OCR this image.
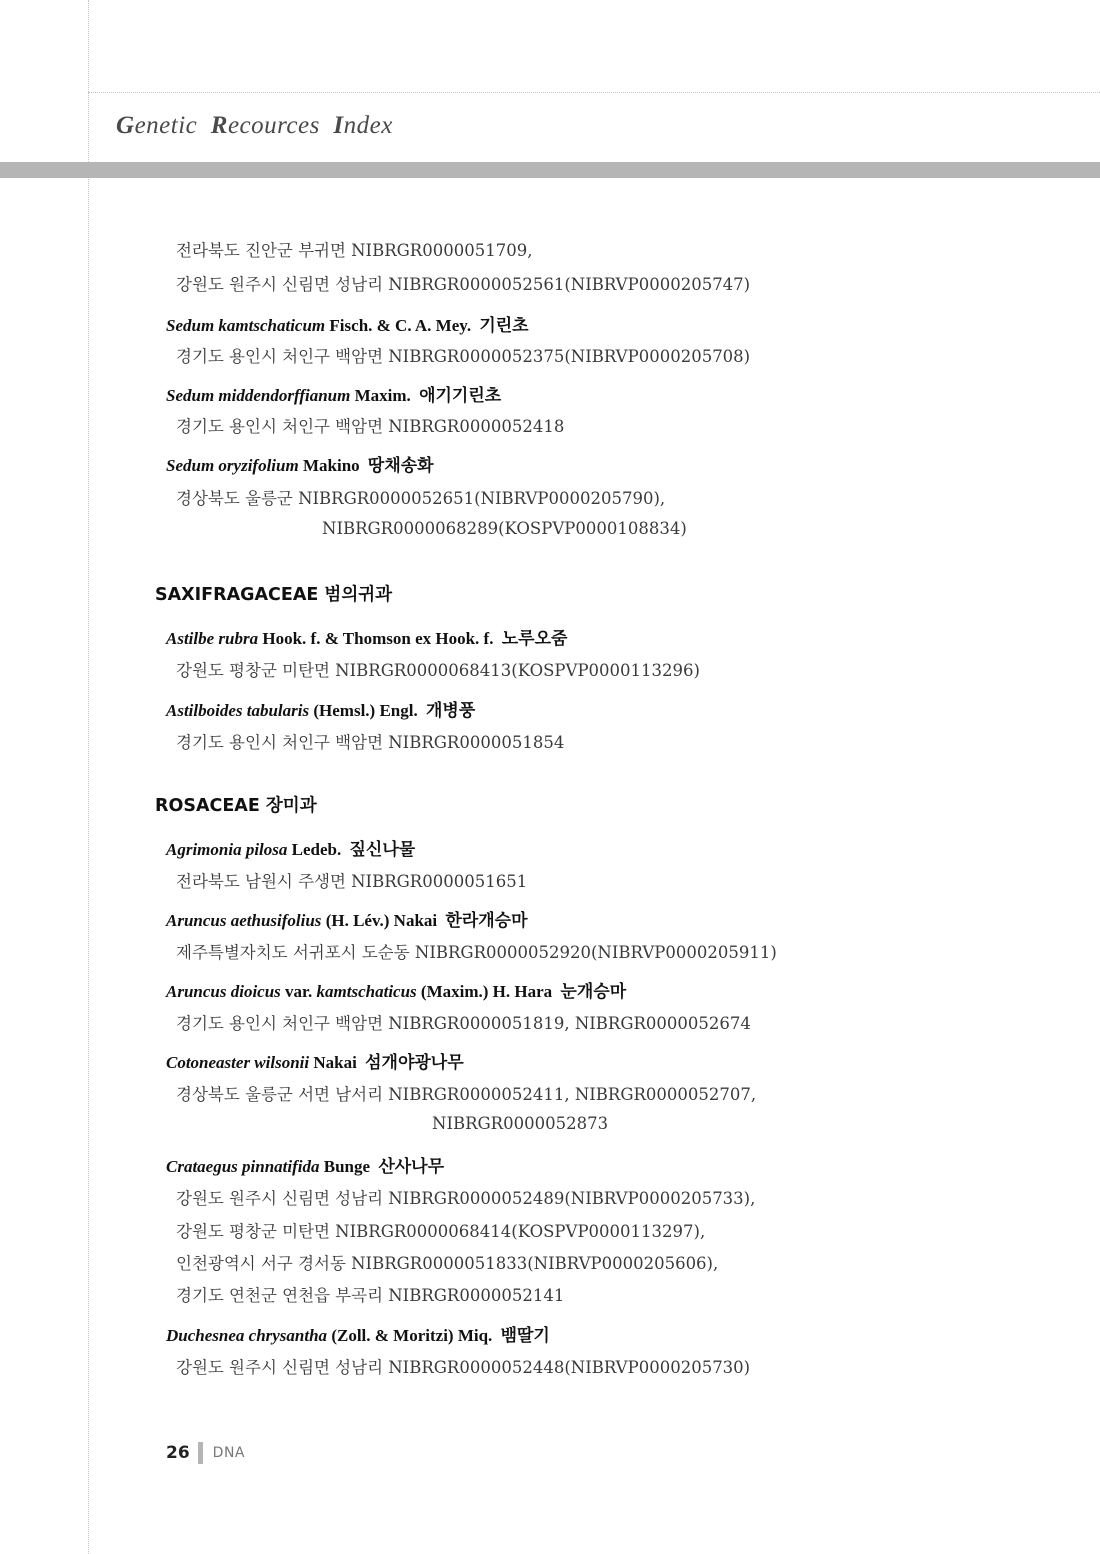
Genetic Recources Index
전라북도 진안군 부귀면 NIBRGR0000051709,
강원도 원주시 신림면 성남리 NIBRGR0000052561(NIBRVP0000205747)
Sedum kamtschaticum Fisch. & C. A. Mey. 기린초
경기도 용인시 처인구 백암면 NIBRGR0000052375(NIBRVP0000205708)
Sedum middendorffianum Maxim. 애기기린초
경기도 용인시 처인구 백암면 NIBRGR0000052418
Sedum oryzifolium Makino 땅채송화
경상북도 울릉군 NIBRGR0000052651(NIBRVP0000205790),
NIBRGR0000068289(KOSPVP0000108834)
SAXIFRAGACEAE 범의귀과
Astilbe rubra Hook. f. & Thomson ex Hook. f. 노루오줌
강원도 평창군 미탄면 NIBRGR0000068413(KOSPVP0000113296)
Astilboides tabularis (Hemsl.) Engl. 개병풍
경기도 용인시 처인구 백암면 NIBRGR0000051854
ROSACEAE 장미과
Agrimonia pilosa Ledeb. 짚신나물
전라북도 남원시 주생면 NIBRGR0000051651
Aruncus aethusifolius (H. Lév.) Nakai 한라개승마
제주특별자치도 서귀포시 도순동 NIBRGR0000052920(NIBRVP0000205911)
Aruncus dioicus var. kamtschaticus (Maxim.) H. Hara 눈개승마
경기도 용인시 처인구 백암면 NIBRGR0000051819, NIBRGR0000052674
Cotoneaster wilsonii Nakai 섬개야광나무
경상북도 울릉군 서면 남서리 NIBRGR0000052411, NIBRGR0000052707,
NIBRGR0000052873
Crataegus pinnatifida Bunge 산사나무
강원도 원주시 신림면 성남리 NIBRGR0000052489(NIBRVP0000205733),
강원도 평창군 미탄면 NIBRGR0000068414(KOSPVP0000113297),
인천광역시 서구 경서동 NIBRGR0000051833(NIBRVP0000205606),
경기도 연천군 연천읍 부곡리 NIBRGR0000052141
Duchesnea chrysantha (Zoll. & Moritzi) Miq. 뱀딸기
강원도 원주시 신림면 성남리 NIBRGR0000052448(NIBRVP0000205730)
26 DNA
